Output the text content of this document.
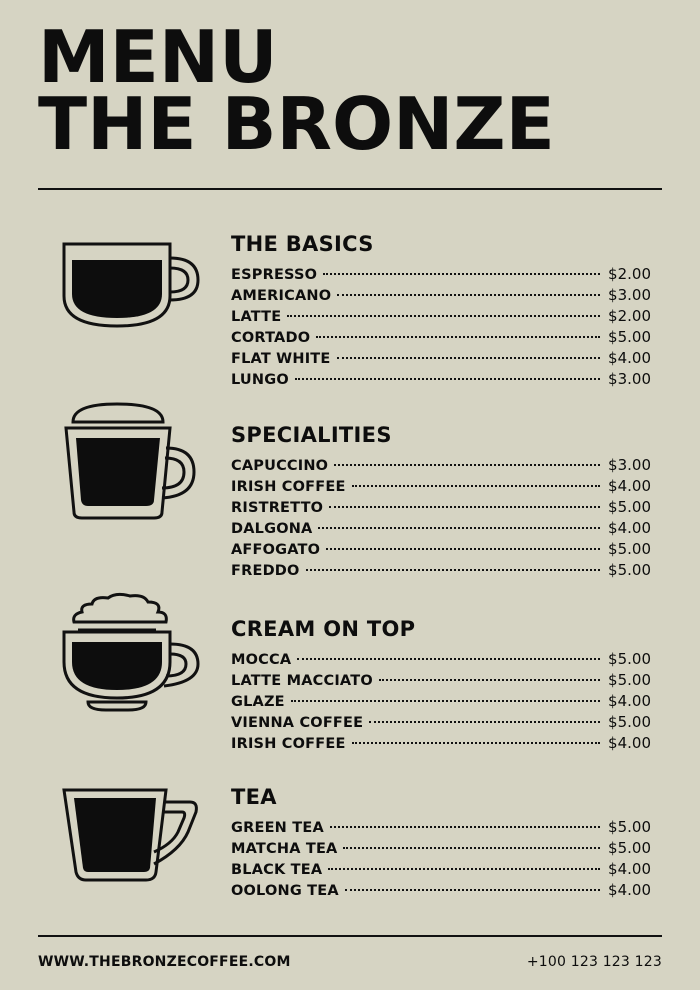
MENU
THE BRONZE
THE BASICS
ESPRESSO	$2.00
AMERICANO	$3.00
LATTE	$2.00
CORTADO	$5.00
FLAT WHITE	$4.00
LUNGO	$3.00
SPECIALITIES
CAPUCCINO	$3.00
IRISH COFFEE	$4.00
RISTRETTO	$5.00
DALGONA	$4.00
AFFOGATO	$5.00
FREDDO	$5.00
CREAM ON TOP
MOCCA	$5.00
LATTE MACCIATO	$5.00
GLAZE	$4.00
VIENNA COFFEE	$5.00
IRISH COFFEE	$4.00
TEA
GREEN TEA	$5.00
MATCHA TEA	$5.00
BLACK TEA	$4.00
OOLONG TEA	$4.00
WWW.THEBRONZECOFFEE.COM	+100 123 123 123
